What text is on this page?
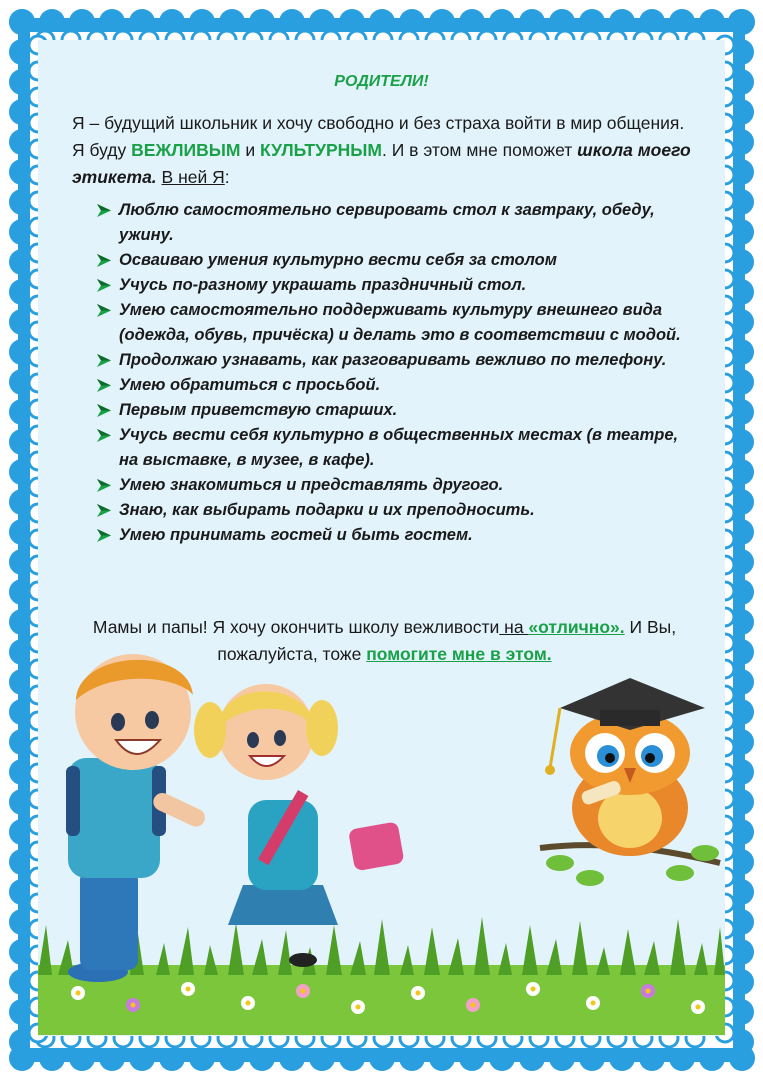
РОДИТЕЛИ!
Я – будущий школьник и хочу свободно и без страха войти в мир общения. Я буду ВЕЖЛИВЫМ и КУЛЬТУРНЫМ. И в этом мне поможет школа моего этикета. В ней Я:
Люблю самостоятельно сервировать стол к завтраку, обеду, ужину.
Осваиваю умения культурно вести себя за столом
Учусь по-разному украшать праздничный стол.
Умею самостоятельно поддерживать культуру внешнего вида (одежда, обувь, причёска) и делать это в соответствии с модой.
Продолжаю узнавать, как разговаривать вежливо по телефону.
Умею обратиться с просьбой.
Первым приветствую старших.
Учусь вести себя культурно в общественных местах (в театре, на выставке, в музее, в кафе).
Умею знакомиться и представлять другого.
Знаю, как выбирать подарки и их преподносить.
Умею принимать гостей и быть гостем.
Мамы и папы! Я хочу окончить школу вежливости на «отлично». И Вы, пожалуйста, тоже помогите мне в этом.
